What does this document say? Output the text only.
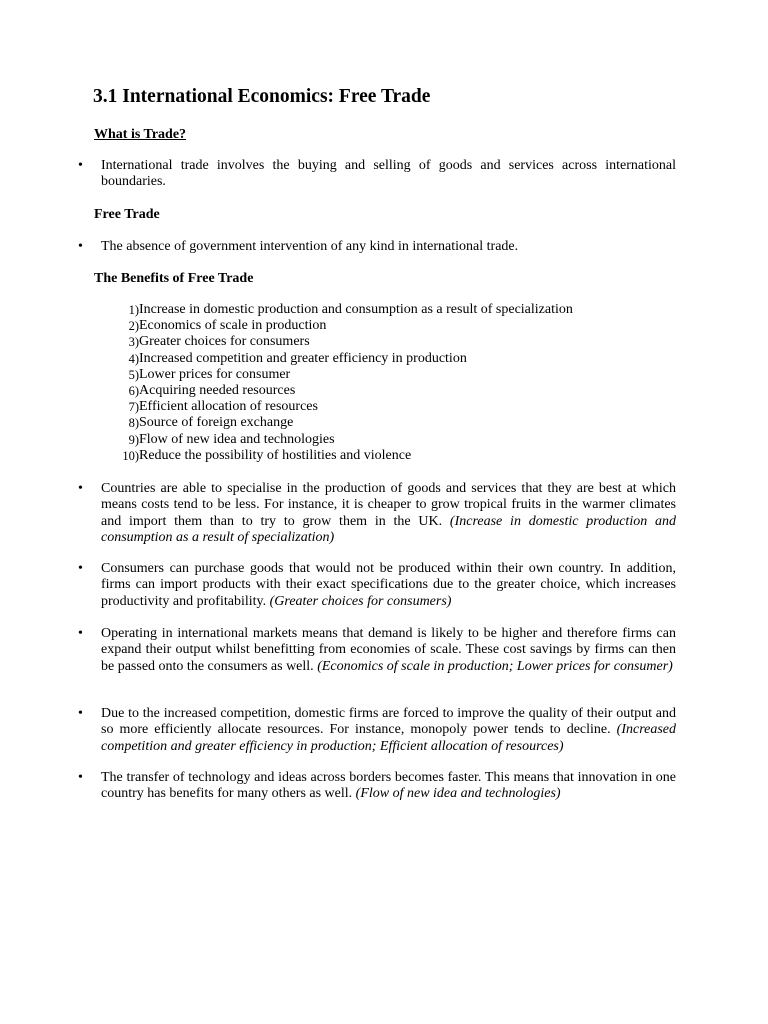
3.1 International Economics: Free Trade
What is Trade?
• International trade involves the buying and selling of goods and services across international boundaries.

Free Trade
• The absence of government intervention of any kind in international trade.

The Benefits of Free Trade
1) Increase in domestic production and consumption as a result of specialization
2) Economics of scale in production
3) Greater choices for consumers
4) Increased competition and greater efficiency in production
5) Lower prices for consumer
6) Acquiring needed resources
7) Efficient allocation of resources
8) Source of foreign exchange
9) Flow of new idea and technologies
10) Reduce the possibility of hostilities and violence
• Countries are able to specialise in the production of goods and services that they are best at which means costs tend to be less. For instance, it is cheaper to grow tropical fruits in the warmer climates and import them than to try to grow them in the UK. (Increase in domestic production and consumption as a result of specialization)

• Consumers can purchase goods that would not be produced within their own country. In addition, firms can import products with their exact specifications due to the greater choice, which increases productivity and profitability. (Greater choices for consumers)

• Operating in international markets means that demand is likely to be higher and therefore firms can expand their output whilst benefitting from economies of scale. These cost savings by firms can then be passed onto the consumers as well. (Economics of scale in production; Lower prices for consumer)

• Due to the increased competition, domestic firms are forced to improve the quality of their output and so more efficiently allocate resources. For instance, monopoly power tends to decline. (Increased competition and greater efficiency in production; Efficient allocation of resources)

• The transfer of technology and ideas across borders becomes faster. This means that innovation in one country has benefits for many others as well. (Flow of new idea and technologies)
